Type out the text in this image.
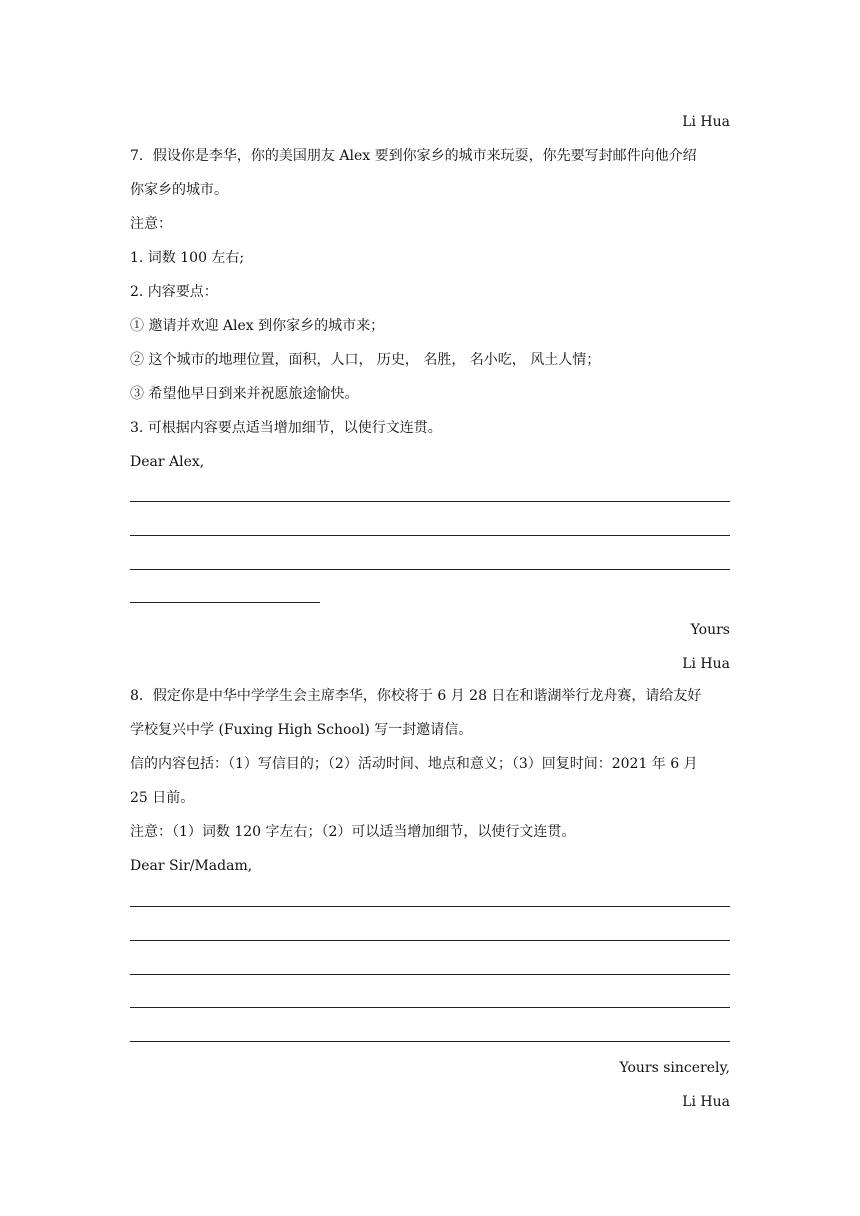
Li Hua
7．假设你是李华，你的美国朋友 Alex 要到你家乡的城市来玩耍，你先要写封邮件向他介绍
你家乡的城市。
注意：
1. 词数 100 左右;
2. 内容要点：
① 邀请并欢迎 Alex 到你家乡的城市来；
② 这个城市的地理位置，面积，人口， 历史， 名胜， 名小吃， 风土人情；
③ 希望他早日到来并祝愿旅途愉快。
3. 可根据内容要点适当增加细节，以使行文连贯。
Dear Alex,
Yours
Li Hua
8．假定你是中华中学学生会主席李华，你校将于 6 月 28 日在和谐湖举行龙舟赛，请给友好
学校复兴中学 (Fuxing High School) 写一封邀请信。
信的内容包括：（1）写信目的；（2）活动时间、地点和意义；（3）回复时间：2021 年 6 月
25 日前。
注意：（1）词数 120 字左右；（2）可以适当增加细节，以使行文连贯。
Dear Sir/Madam,
Yours sincerely,
Li Hua
